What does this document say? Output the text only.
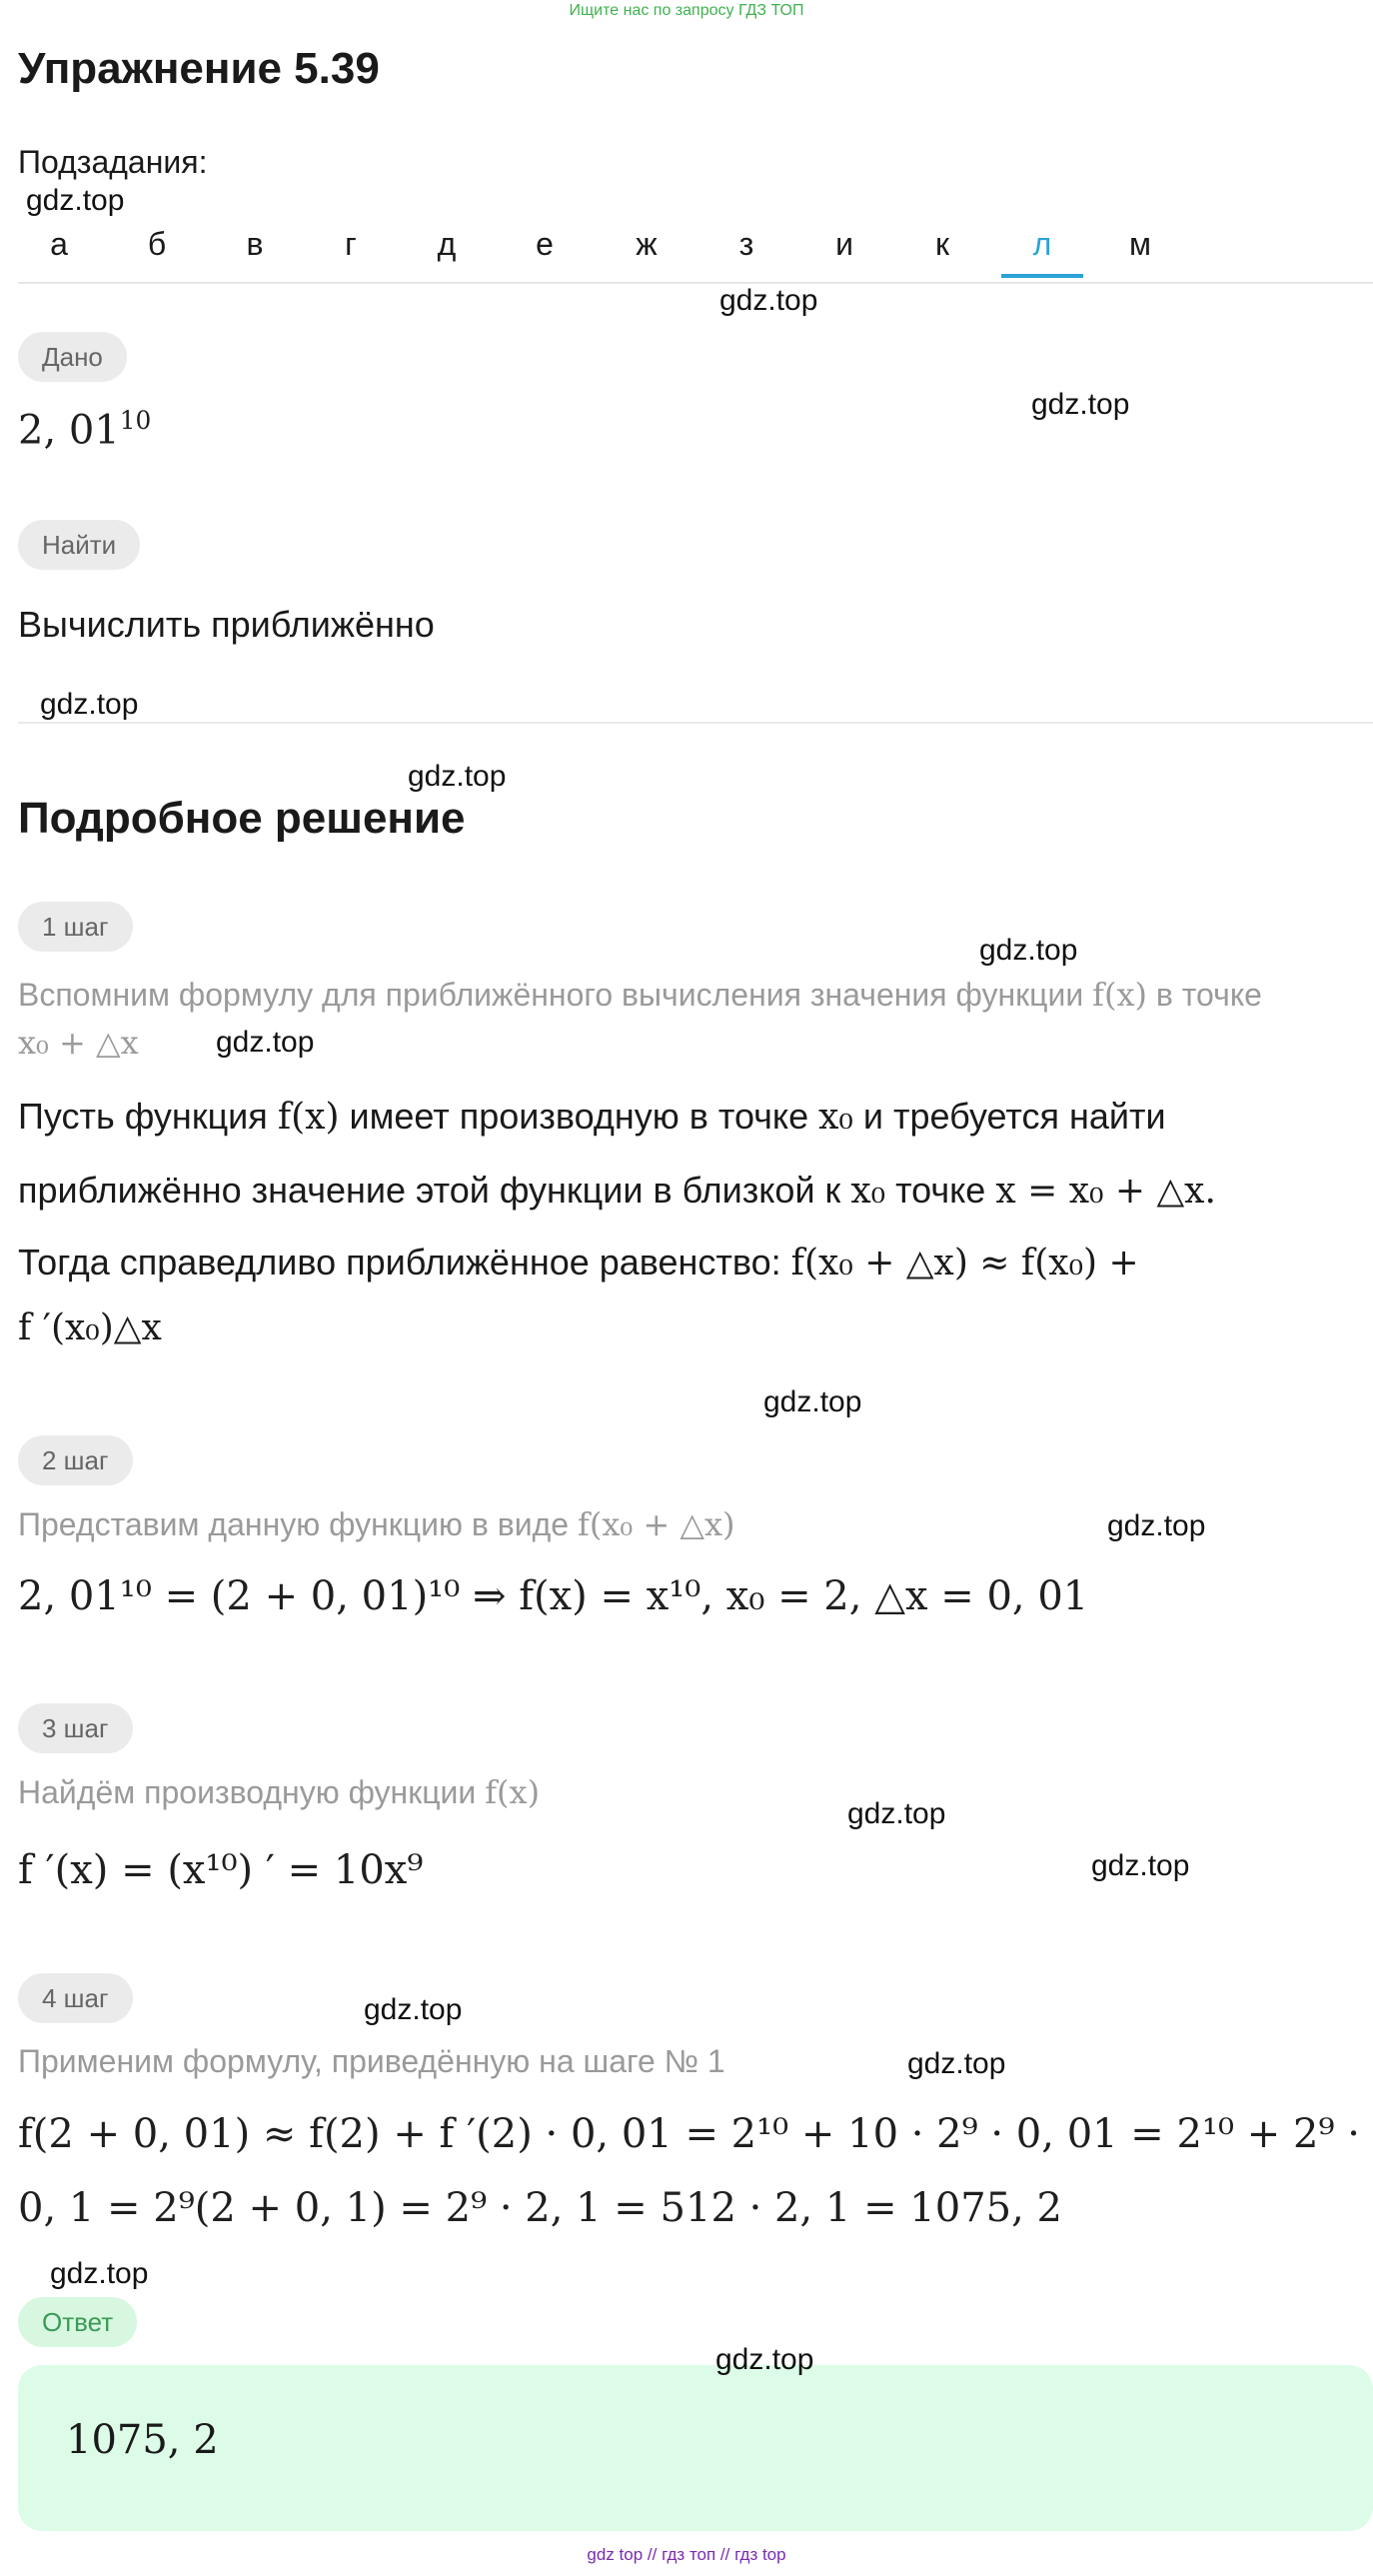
Ищите нас по запросу ГДЗ ТОП
Упражнение 5.39
Подзадания:
а	б	в	г	д	е	ж	з	и	к	л	м
Дано
2, $01^{10}$
Найти
Вычислить приближённо
Подробное решение
1 шаг
Вспомним формулу для приближённого вычисления значения функции f(x) в точке
x₀ + △x
Пусть функция f(x) имеет производную в точке x₀ и требуется найти
приближённо значение этой функции в близкой к x₀ точке x = x₀ + △x.
Тогда справедливо приближённое равенство: f(x₀ + △x) ≈ f(x₀) +
f ′(x₀)△x
2 шаг
Представим данную функцию в виде f(x₀ + △x)
2, 01¹⁰ = (2 + 0, 01)¹⁰ ⇒ f(x) = x¹⁰, x₀ = 2, △x = 0, 01
3 шаг
Найдём производную функции f(x)
f ′(x) = (x¹⁰) ′ = 10x⁹
4 шаг
Применим формулу, приведённую на шаге № 1
f(2 + 0, 01) ≈ f(2) + f ′(2) · 0, 01 = 2¹⁰ + 10 · 2⁹ · 0, 01 = 2¹⁰ + 2⁹ ·
0, 1 = 2⁹(2 + 0, 1) = 2⁹ · 2, 1 = 512 · 2, 1 = 1075, 2
Ответ
1075, 2
gdz.top
gdz.top
gdz.top
gdz.top
gdz.top
gdz.top
gdz.top
gdz.top
gdz.top
gdz.top
gdz.top
gdz.top
gdz.top
gdz.top
gdz.top
gdz top // гдз топ // гдз top
